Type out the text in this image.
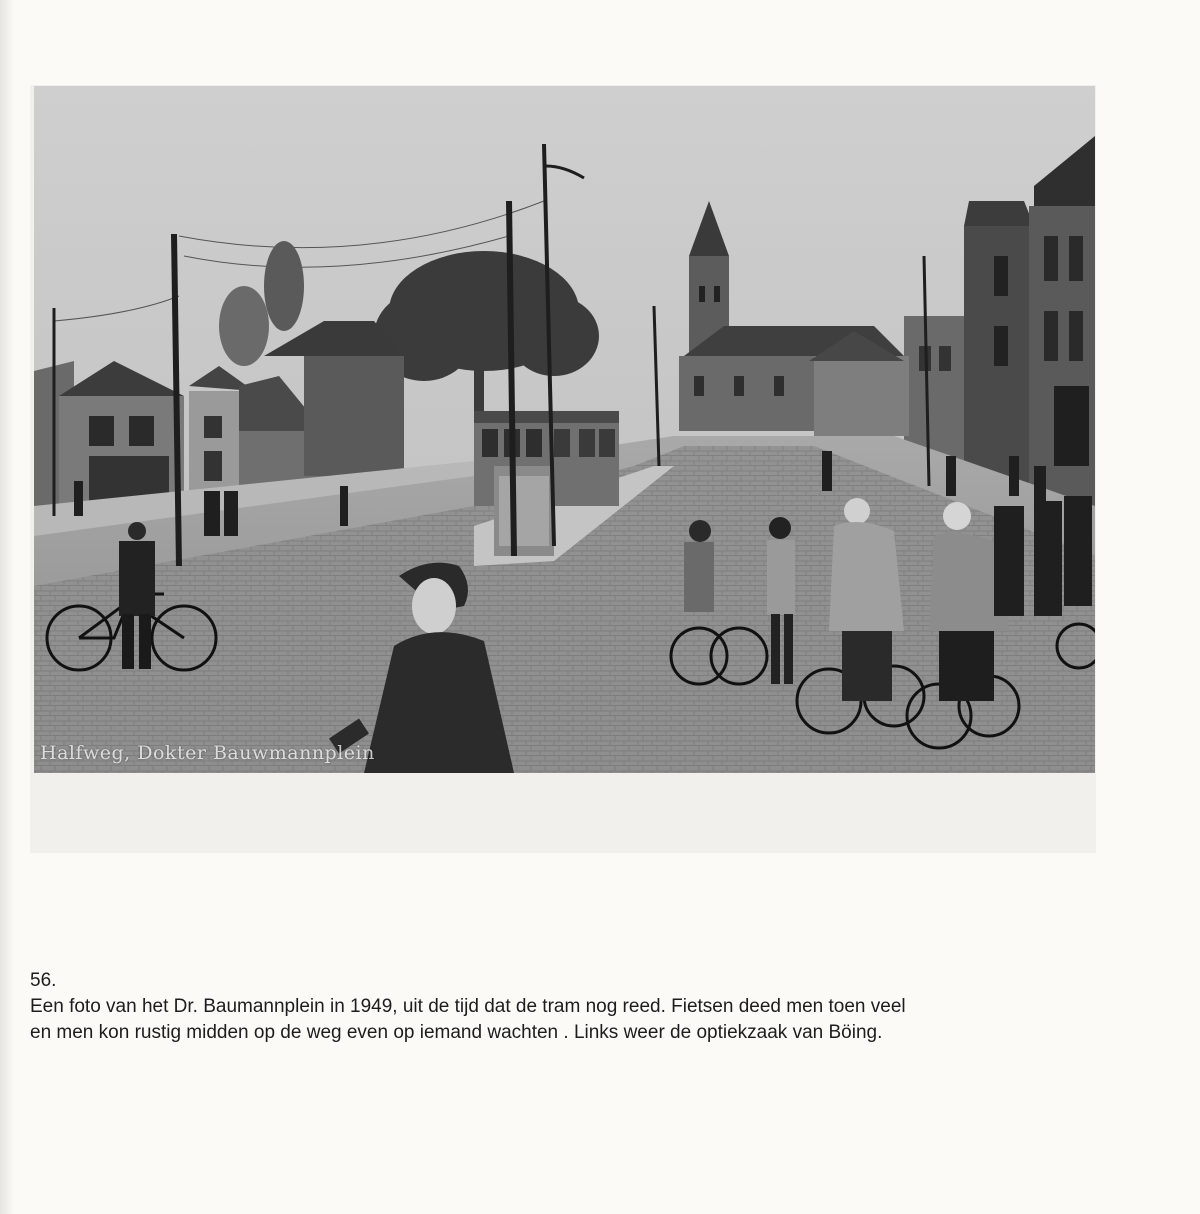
Halfweg, Dokter Bauwmannplein
56.
Een foto van het Dr. Baumannplein in 1949, uit de tijd dat de tram nog reed. Fietsen deed men toen veel
en men kon rustig midden op de weg even op iemand wachten . Links weer de optiekzaak van Böing.
